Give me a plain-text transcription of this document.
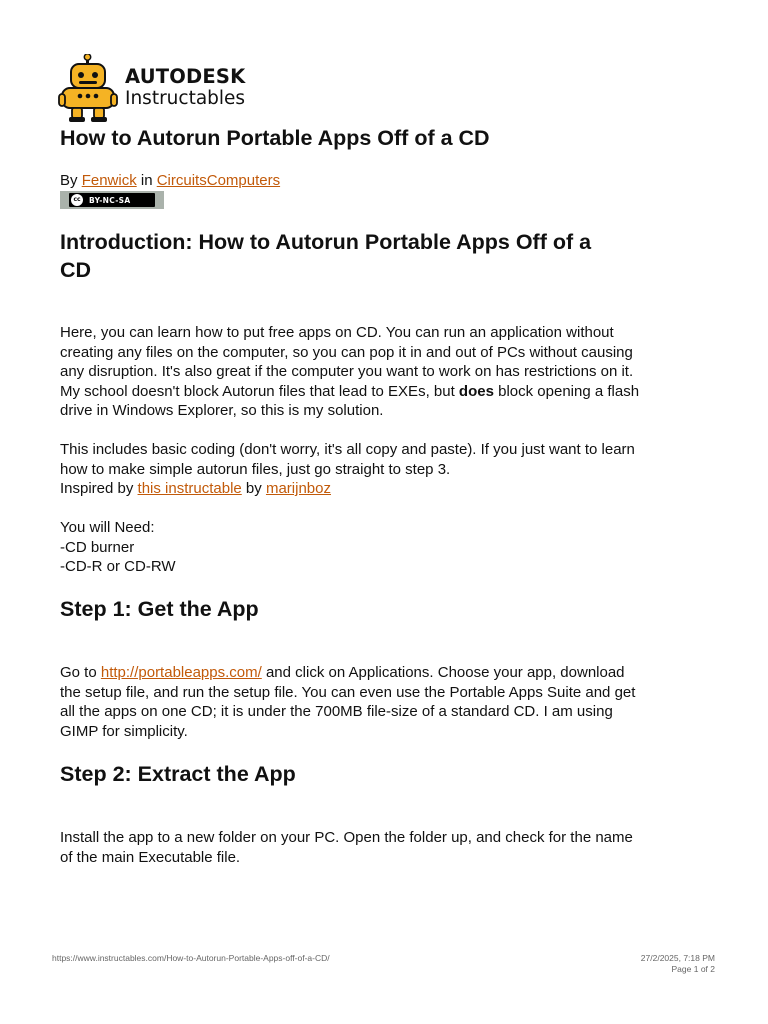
AUTODESK
Instructables
How to Autorun Portable Apps Off of a CD
By Fenwick in CircuitsComputers
cc BY-NC-SA
Introduction: How to Autorun Portable Apps Off of a
CD

Here, you can learn how to put free apps on CD. You can run an application without
creating any files on the computer, so you can pop it in and out of PCs without causing
any disruption. It's also great if the computer you want to work on has restrictions on it.
My school doesn't block Autorun files that lead to EXEs, but does block opening a flash
drive in Windows Explorer, so this is my solution.

This includes basic coding (don't worry, it's all copy and paste). If you just want to learn
how to make simple autorun files, just go straight to step 3.
Inspired by this instructable by marijnboz

You will Need:
-CD burner
-CD-R or CD-RW

Step 1: Get the App

Go to http://portableapps.com/ and click on Applications. Choose your app, download
the setup file, and run the setup file. You can even use the Portable Apps Suite and get
all the apps on one CD; it is under the 700MB file-size of a standard CD. I am using
GIMP for simplicity.

Step 2: Extract the App

Install the app to a new folder on your PC. Open the folder up, and check for the name
of the main Executable file.

https://www.instructables.com/How-to-Autorun-Portable-Apps-off-of-a-CD/	27/2/2025, 7:18 PM
Page 1 of 2
